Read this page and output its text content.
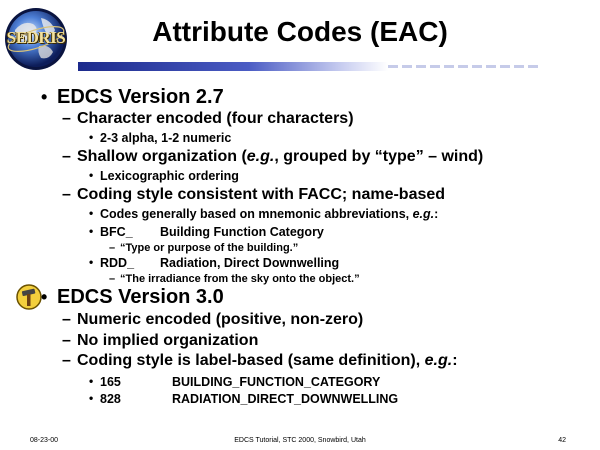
SEDRIS	Attribute Codes (EAC)
• EDCS Version 2.7
– Character encoded (four characters)
• 2-3 alpha, 1-2 numeric
– Shallow organization (e.g., grouped by “type” – wind)
• Lexicographic ordering
– Coding style consistent with FACC; name-based
• Codes generally based on mnemonic abbreviations, e.g.:
• BFC_ Building Function Category
– “Type or purpose of the building.”
• RDD_ Radiation, Direct Downwelling
– “The irradiance from the sky onto the object.”
• EDCS Version 3.0
– Numeric encoded (positive, non-zero)
– No implied organization
– Coding style is label-based (same definition), e.g.:
• 165	BUILDING_FUNCTION_CATEGORY
• 828	RADIATION_DIRECT_DOWNWELLING
08-23-00	EDCS Tutorial, STC 2000, Snowbird, Utah	42
